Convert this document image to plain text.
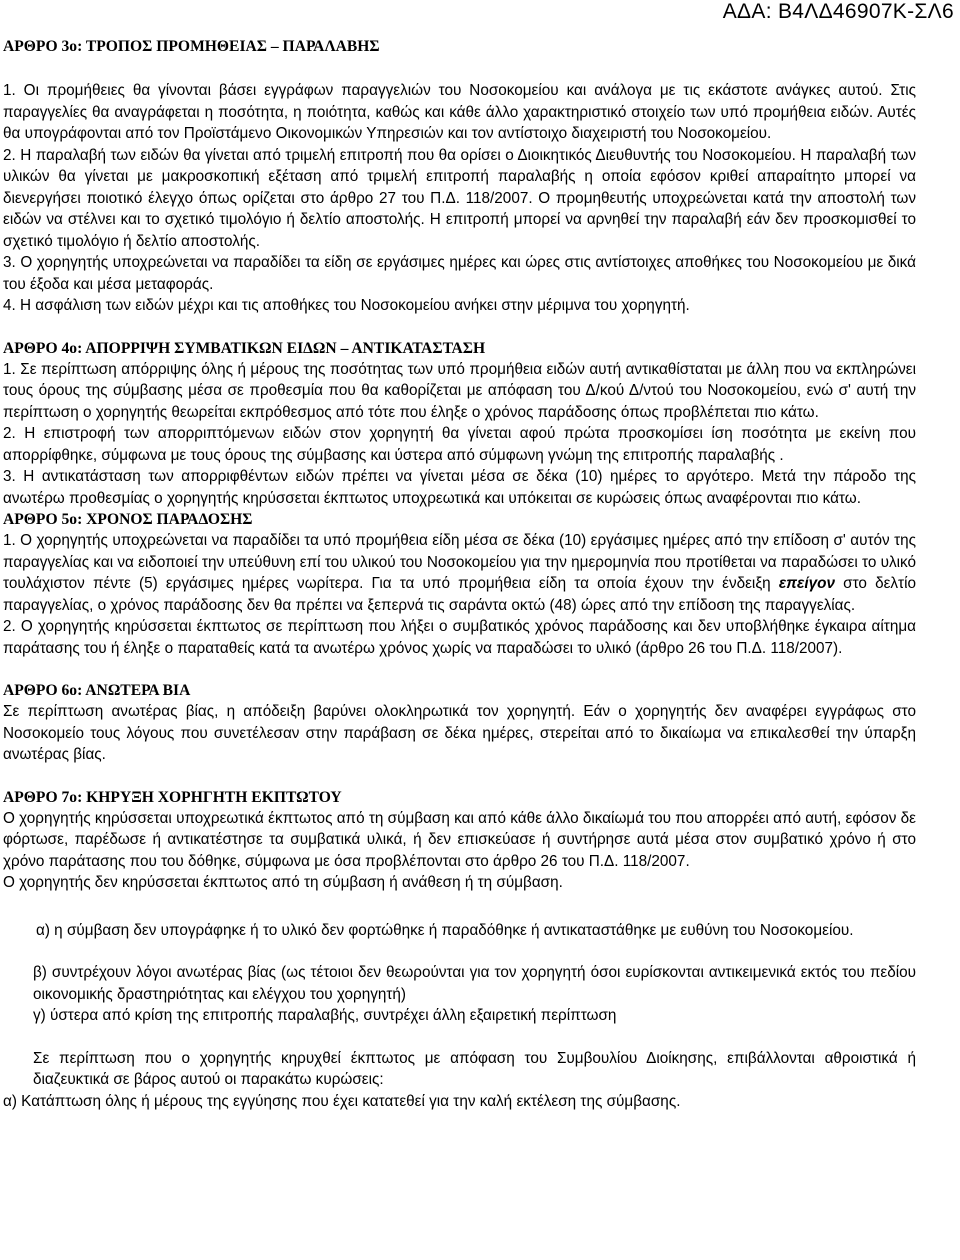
ΑΔΑ: Β4ΛΔ46907Κ-ΣΛ6
ΑΡΘΡΟ 3ο: ΤΡΟΠΟΣ ΠΡΟΜΗΘΕΙΑΣ – ΠΑΡΑΛΑΒΗΣ

1. Οι προμήθειες θα γίνονται βάσει εγγράφων παραγγελιών του Νοσοκομείου και ανάλογα με τις εκάστοτε ανάγκες αυτού. Στις παραγγελίες θα αναγράφεται η ποσότητα, η ποιότητα, καθώς και κάθε άλλο χαρακτηριστικό στοιχείο των υπό προμήθεια ειδών. Αυτές θα υπογράφονται από τον Προϊστάμενο Οικονομικών Υπηρεσιών και τον αντίστοιχο διαχειριστή του Νοσοκομείου.

2. Η παραλαβή των ειδών θα γίνεται από τριμελή επιτροπή που θα ορίσει ο Διοικητικός Διευθυντής του Νοσοκομείου. Η παραλαβή των υλικών θα γίνεται με μακροσκοπική εξέταση από τριμελή επιτροπή παραλαβής η οποία εφόσον κριθεί απαραίτητο μπορεί να διενεργήσει ποιοτικό έλεγχο όπως ορίζεται στο άρθρο 27 του Π.Δ. 118/2007. Ο προμηθευτής υποχρεώνεται κατά την αποστολή των ειδών να στέλνει και το σχετικό τιμολόγιο ή δελτίο αποστολής. Η επιτροπή μπορεί να αρνηθεί την παραλαβή εάν δεν προσκομισθεί το σχετικό τιμολόγιο ή δελτίο αποστολής.

3. Ο χορηγητής υποχρεώνεται να παραδίδει τα είδη σε εργάσιμες ημέρες και ώρες στις αντίστοιχες αποθήκες του Νοσοκομείου με δικά του έξοδα και μέσα μεταφοράς.

4. Η ασφάλιση των ειδών μέχρι και τις αποθήκες του Νοσοκομείου ανήκει στην μέριμνα του χορηγητή.

ΑΡΘΡΟ 4ο: ΑΠΟΡΡΙΨΗ ΣΥΜΒΑΤΙΚΩΝ ΕΙΔΩΝ – ΑΝΤΙΚΑΤΑΣΤΑΣΗ

1. Σε περίπτωση απόρριψης όλης ή μέρους της ποσότητας των υπό προμήθεια ειδών αυτή αντικαθίσταται με άλλη που να εκπληρώνει τους όρους της σύμβασης μέσα σε προθεσμία που θα καθορίζεται με απόφαση του Δ/κού Δ/ντού του Νοσοκομείου, ενώ σ' αυτή την περίπτωση ο χορηγητής θεωρείται εκπρόθεσμος από τότε που έληξε ο χρόνος παράδοσης όπως προβλέπεται πιο κάτω.

2. Η επιστροφή των απορριπτόμενων ειδών στον χορηγητή θα γίνεται αφού πρώτα προσκομίσει ίση ποσότητα με εκείνη που απορρίφθηκε, σύμφωνα με τους όρους της σύμβασης και ύστερα από σύμφωνη γνώμη της επιτροπής παραλαβής .

3. Η αντικατάσταση των απορριφθέντων ειδών πρέπει να γίνεται μέσα σε δέκα (10) ημέρες το αργότερο. Μετά την πάροδο της ανωτέρω προθεσμίας ο χορηγητής κηρύσσεται έκπτωτος υποχρεωτικά και υπόκειται σε κυρώσεις όπως αναφέρονται πιο κάτω.

ΑΡΘΡΟ 5ο: ΧΡΟΝΟΣ ΠΑΡΑΔΟΣΗΣ

1. Ο χορηγητής υποχρεώνεται να παραδίδει τα υπό προμήθεια είδη μέσα σε δέκα (10) εργάσιμες ημέρες από την επίδοση σ' αυτόν της παραγγελίας και να ειδοποιεί την υπεύθυνη επί του υλικού του Νοσοκομείου για την ημερομηνία που προτίθεται να παραδώσει το υλικό τουλάχιστον πέντε (5) εργάσιμες ημέρες νωρίτερα. Για τα υπό προμήθεια είδη τα οποία έχουν την ένδειξη επείγον στο δελτίο παραγγελίας, ο χρόνος παράδοσης δεν θα πρέπει να ξεπερνά τις σαράντα οκτώ (48) ώρες από την επίδοση της παραγγελίας.

2. Ο χορηγητής κηρύσσεται έκπτωτος σε περίπτωση που λήξει ο συμβατικός χρόνος παράδοσης και δεν υποβλήθηκε έγκαιρα αίτημα παράτασης του ή έληξε ο παραταθείς κατά τα ανωτέρω χρόνος χωρίς να παραδώσει το υλικό (άρθρο 26 του Π.Δ. 118/2007).

ΑΡΘΡΟ 6ο: ΑΝΩΤΕΡΑ ΒΙΑ

Σε περίπτωση ανωτέρας βίας, η απόδειξη βαρύνει ολοκληρωτικά τον χορηγητή. Εάν ο χορηγητής δεν αναφέρει εγγράφως στο Νοσοκομείο τους λόγους που συνετέλεσαν στην παράβαση σε δέκα ημέρες, στερείται από το δικαίωμα να επικαλεσθεί την ύπαρξη ανωτέρας βίας.

ΑΡΘΡΟ 7ο: ΚΗΡΥΞΗ ΧΟΡΗΓΗΤΗ ΕΚΠΤΩΤΟΥ

Ο χορηγητής κηρύσσεται υποχρεωτικά έκπτωτος από τη σύμβαση και από κάθε άλλο δικαίωμά του που απορρέει από αυτή, εφόσον δε φόρτωσε, παρέδωσε ή αντικατέστησε τα συμβατικά υλικά, ή δεν επισκεύασε ή συντήρησε αυτά μέσα στον συμβατικό χρόνο ή στο χρόνο παράτασης που του δόθηκε, σύμφωνα με όσα προβλέπονται στο άρθρο 26 του Π.Δ. 118/2007.

Ο χορηγητής δεν κηρύσσεται έκπτωτος από τη σύμβαση ή ανάθεση ή τη σύμβαση.

α) η σύμβαση δεν υπογράφηκε ή το υλικό δεν φορτώθηκε ή παραδόθηκε ή αντικαταστάθηκε με ευθύνη του Νοσοκομείου.

β) συντρέχουν λόγοι ανωτέρας βίας (ως τέτοιοι δεν θεωρούνται για τον χορηγητή όσοι ευρίσκονται αντικειμενικά εκτός του πεδίου οικονομικής δραστηριότητας και ελέγχου του χορηγητή)

γ) ύστερα από κρίση της επιτροπής παραλαβής, συντρέχει άλλη εξαιρετική περίπτωση

Σε περίπτωση που ο χορηγητής κηρυχθεί έκπτωτος με απόφαση του Συμβουλίου Διοίκησης, επιβάλλονται αθροιστικά ή διαζευκτικά σε βάρος αυτού οι παρακάτω κυρώσεις:

α) Κατάπτωση όλης ή μέρους της εγγύησης που έχει κατατεθεί για την καλή εκτέλεση της σύμβασης.
